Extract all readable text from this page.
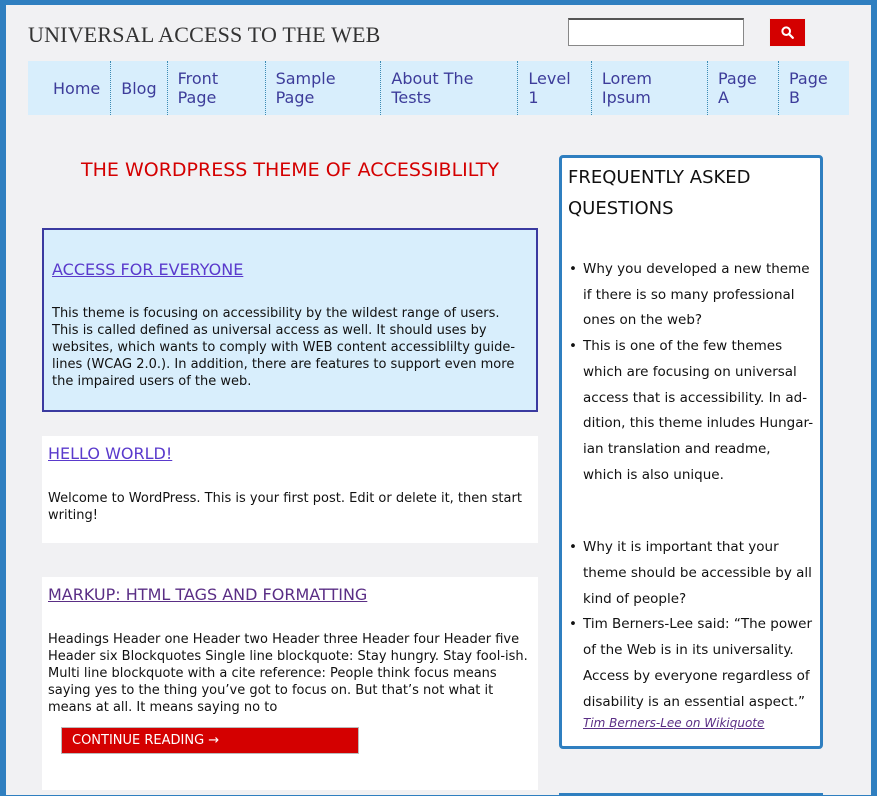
UNIVERSAL ACCESS TO THE WEB
Home	Blog	Front Page
Sample Page
About The Tests
Level 1
Lorem Ipsum
Page A
Page B
THE WORDPRESS THEME OF ACCESSIBLILTY
ACCESS FOR EVERYONE

This theme is focusing on accessibility by the wildest range of users. This is called defined as universal access as well. It should uses by websites, which wants to comply with WEB content accessiblilty guide-lines (WCAG 2.0.). In addition, there are features to support even more the impaired users of the web.

HELLO WORLD!

Welcome to WordPress. This is your first post. Edit or delete it, then start writing!

MARKUP: HTML TAGS AND FORMATTING

Headings Header one Header two Header three Header four Header five Header six Blockquotes Single line blockquote: Stay hungry. Stay fool-ish. Multi line blockquote with a cite reference: People think focus means saying yes to the thing you’ve got to focus on. But that’s not what it means at all. It means saying no to

CONTINUE READING →
FREQUENTLY ASKED QUESTIONS
• Why you developed a new theme if there is so many professional ones on the web?
• This is one of the few themes which are focusing on universal access that is accessibility. In ad-dition, this theme inludes Hungar-ian translation and readme, which is also unique.
• Why it is important that your theme should be accessible by all kind of people?
• Tim Berners-Lee said: “The power of the Web is in its universality. Access by everyone regardless of disability is an essential aspect.”
Tim Berners-Lee on Wikiquote
